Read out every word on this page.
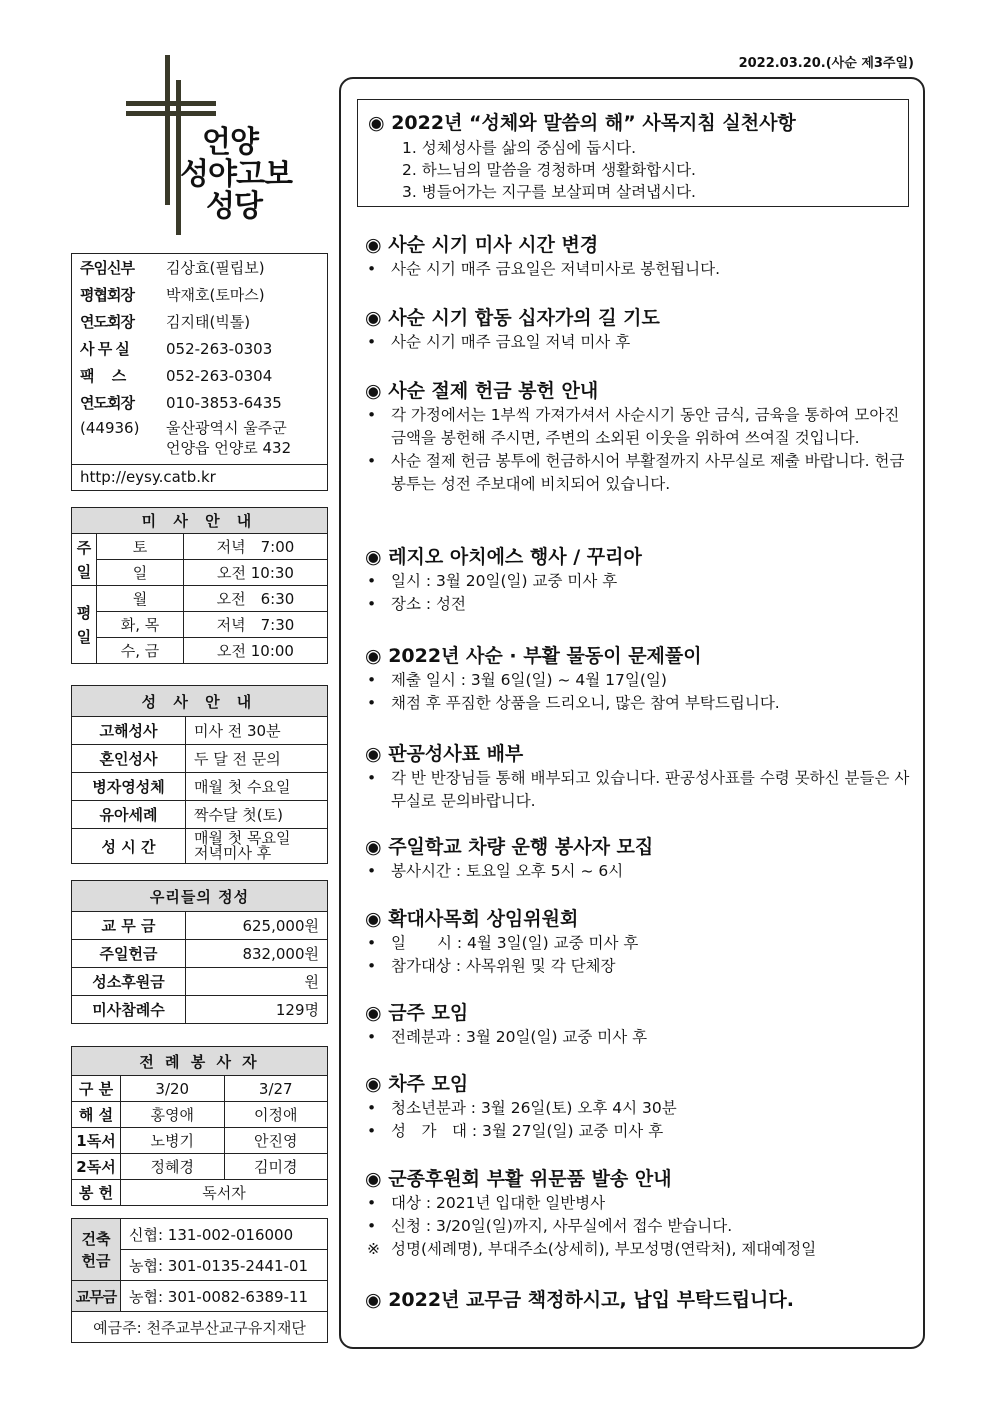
2022.03.20.(사순 제3주일)
언양
성야고보
성당
주임신부	김상효(필립보)
평협회장	박재호(토마스)
연도회장	김지태(빅톨)
사 무 실	052-263-0303
팩　 스	052-263-0304
연도회장	010-3853-6435
(44936)	울산광역시 울주군
언양읍 언양로 432
http://eysy.catb.kr
미 사 안 내		
주일	토	저녁　7:00
	일	오전 10:30
평일	월	오전　6:30
	화, 목	저녁　7:30
	수, 금	오전 10:00
성 사 안 내	
고해성사	미사 전 30분
혼인성사	두 달 전 문의
병자영성체	매월 첫 수요일
유아세례	짝수달 첫(토)
성 시 간	매월 첫 목요일
저녁미사 후
우리들의 정성	
교 무 금	625,000원
주일헌금	832,000원
성소후원금	원
미사참례수	129명
전 례 봉 사 자		
구 분	3/20	3/27
해 설	홍영애	이정애
1독서	노병기	안진영
2독서	정혜경	김미경
봉 헌	독서자	
건축
헌금	신협: 131-002-016000
	농협: 301-0135-2441-01
교무금	농협: 301-0082-6389-11
예금주: 천주교부산교구유지재단	
◉ 2022년 “성체와 말씀의 해” 사목지침 실천사항
1. 성체성사를 삶의 중심에 둡시다.
2. 하느님의 말씀을 경청하며 생활화합시다.
3. 병들어가는 지구를 보살피며 살려냅시다.
◉ 사순 시기 미사 시간 변경
• 사순 시기 매주 금요일은 저녁미사로 봉헌됩니다.
◉ 사순 시기 합동 십자가의 길 기도
• 사순 시기 매주 금요일 저녁 미사 후
◉ 사순 절제 헌금 봉헌 안내
• 각 가정에서는 1부씩 가져가셔서 사순시기 동안 금식, 금육을 통하여 모아진 금액을 봉헌해 주시면, 주변의 소외된 이웃을 위하여 쓰여질 것입니다.
• 사순 절제 헌금 봉투에 헌금하시어 부활절까지 사무실로 제출 바랍니다. 헌금 봉투는 성전 주보대에 비치되어 있습니다.
◉ 레지오 아치에스 행사 / 꾸리아
• 일시 : 3월 20일(일) 교중 미사 후
• 장소 : 성전
◉ 2022년 사순 · 부활 물동이 문제풀이
• 제출 일시 : 3월 6일(일) ~ 4월 17일(일)
• 채점 후 푸짐한 상품을 드리오니, 많은 참여 부탁드립니다.
◉ 판공성사표 배부
• 각 반 반장님들 통해 배부되고 있습니다. 판공성사표를 수령 못하신 분들은 사무실로 문의바랍니다.
◉ 주일학교 차량 운행 봉사자 모집
• 봉사시간 : 토요일 오후 5시 ~ 6시
◉ 확대사목회 상임위원회
• 일　　시 : 4월 3일(일) 교중 미사 후
• 참가대상 : 사목위원 및 각 단체장
◉ 금주 모임
• 전례분과 : 3월 20일(일) 교중 미사 후
◉ 차주 모임
• 청소년분과 : 3월 26일(토) 오후 4시 30분
• 성　가　대 : 3월 27일(일) 교중 미사 후
◉ 군종후원회 부활 위문품 발송 안내
• 대상 : 2021년 입대한 일반병사
• 신청 : 3/20일(일)까지, 사무실에서 접수 받습니다.
※ 성명(세례명), 부대주소(상세히), 부모성명(연락처), 제대예정일
◉ 2022년 교무금 책정하시고, 납입 부탁드립니다.
